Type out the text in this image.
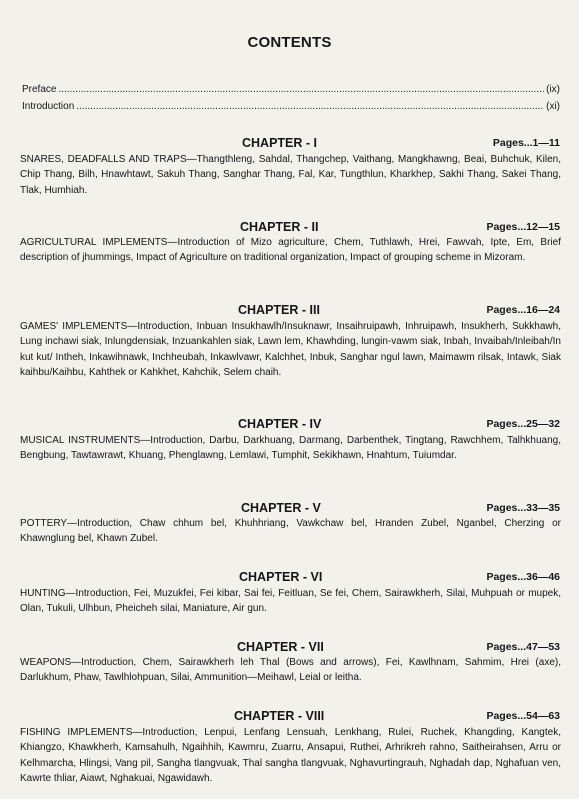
CONTENTS
Preface .....	(ix)
Introduction .....	(xi)
CHAPTER - I	Pages...1—11
SNARES, DEADFALLS AND TRAPS—Thangthleng, Sahdal, Thangchep, Vaithang, Mangkhawng, Beai, Buhchuk, Kilen, Chip Thang, Bilh, Hnawhtawt, Sakuh Thang, Sanghar Thang, Fal, Kar, Tungthlun, Kharkhep, Sakhi Thang, Sakei Thang, Tlak, Humhiah.
CHAPTER - II	Pages...12—15
AGRICULTURAL IMPLEMENTS—Introduction of Mizo agriculture, Chem, Tuthlawh, Hrei, Fawvah, Ipte, Em, Brief description of jhummings, Impact of Agriculture on traditional organization, Impact of grouping scheme in Mizoram.
CHAPTER - III	Pages...16—24
GAMES' IMPLEMENTS—Introduction, Inbuan Insukhawlh/Insuknawr, Insaihruipawh, Inhruipawh, Insukherh, Sukkhawh, Lung inchawi siak, Inlungdensiak, Inzuankahlen siak, Lawn lem, Khawhding, lungin-vawm siak, Inbah, Invaibah/Inleibah/In kut kut/ Intheh, Inkawihnawk, Inchheubah, Inkawlvawr, Kalchhet, Inbuk, Sanghar ngul lawn, Maimawm rilsak, Intawk, Siak kaihbu/Kaihbu, Kahthek or Kahkhet, Kahchik, Selem chaih.
CHAPTER - IV	Pages...25—32
MUSICAL INSTRUMENTS—Introduction, Darbu, Darkhuang, Darmang, Darbenthek, Tingtang, Rawchhem, Talhkhuang, Bengbung, Tawtawrawt, Khuang, Phenglawng, Lemlawi, Tumphit, Sekikhawn, Hnahtum, Tuiumdar.
CHAPTER - V	Pages...33—35
POTTERY—Introduction, Chaw chhum bel, Khuhhriang, Vawkchaw bel, Hranden Zubel, Nganbel, Cherzing or Khawnglung bel, Khawn Zubel.
CHAPTER - VI	Pages...36—46
HUNTING—Introduction, Fei, Muzukfei, Fei kibar, Sai fei, Feitluan, Se fei, Chem, Sairawkherh, Silai, Muhpuah or mupek, Olan, Tukuli, Ulhbun, Pheicheh silai, Maniature, Air gun.
CHAPTER - VII	Pages...47—53
WEAPONS—Introduction, Chem, Sairawkherh leh Thal (Bows and arrows), Fei, Kawlhnam, Sahmim, Hrei (axe), Darlukhum, Phaw, Tawlhlohpuan, Silai, Ammunition—Meihawl, Leial or leitha.
CHAPTER - VIII	Pages...54—63
FISHING IMPLEMENTS—Introduction, Lenpui, Lenfang Lensuah, Lenkhang, Rulei, Ruchek, Khangding, Kangtek, Khiangzo, Khawkherh, Kamsahulh, Ngaihhih, Kawmru, Zuarru, Ansapui, Ruthei, Arhrikreh rahno, Saitheirahsen, Arru or Kelhmarcha, Hlingsi, Vang pil, Sangha tlangvuak, Thal sangha tlangvuak, Nghavurtingrauh, Nghadah dap, Nghafuan ven, Kawrte thliar, Aiawt, Nghakuai, Ngawidawh.
